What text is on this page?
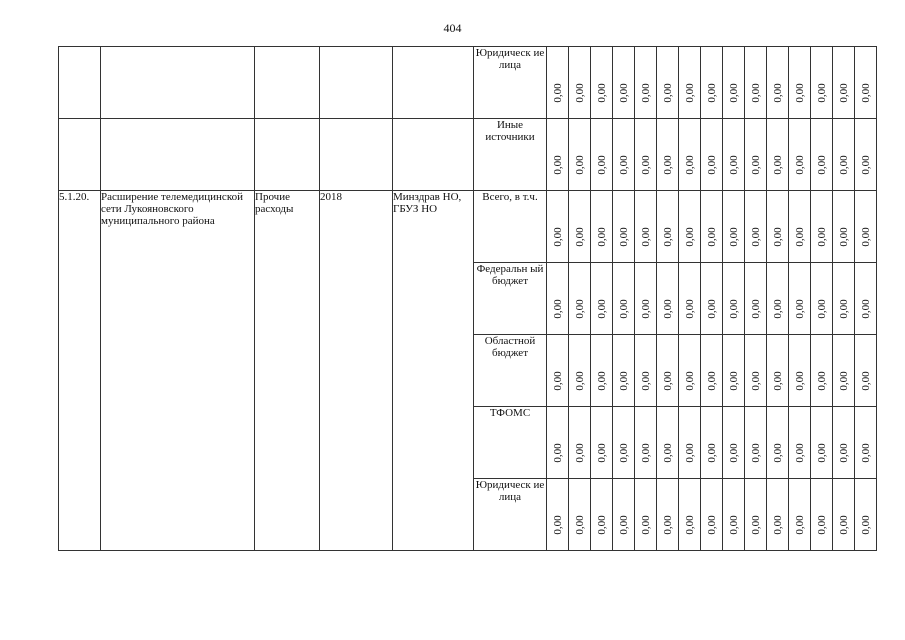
404
					Юридическ ие лица	0,00	0,00	0,00	0,00	0,00	0,00	0,00	0,00	0,00	0,00	0,00	0,00	0,00	0,00	0,00

					Иные источники	0,00	0,00	0,00	0,00	0,00	0,00	0,00	0,00	0,00	0,00	0,00	0,00	0,00	0,00	0,00

5.1.20.	Расширение телемедицинской сети Лукояновского муниципального района	Прочие расходы	2018	Минздрав НО, ГБУЗ НО	Всего, в т.ч.	0,00	0,00	0,00	0,00	0,00	0,00	0,00	0,00	0,00	0,00	0,00	0,00	0,00	0,00	0,00

					Федеральн ый бюджет	0,00	0,00	0,00	0,00	0,00	0,00	0,00	0,00	0,00	0,00	0,00	0,00	0,00	0,00	0,00

					Областной бюджет	0,00	0,00	0,00	0,00	0,00	0,00	0,00	0,00	0,00	0,00	0,00	0,00	0,00	0,00	0,00

					ТФОМС	0,00	0,00	0,00	0,00	0,00	0,00	0,00	0,00	0,00	0,00	0,00	0,00	0,00	0,00	0,00

					Юридическ ие лица	0,00	0,00	0,00	0,00	0,00	0,00	0,00	0,00	0,00	0,00	0,00	0,00	0,00	0,00	0,00
